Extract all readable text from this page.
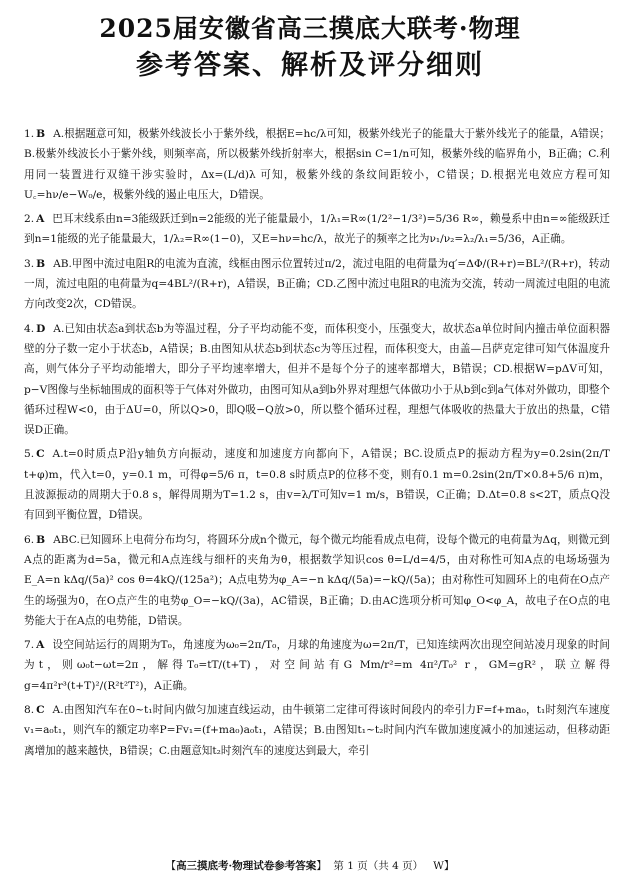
2025届安徽省高三摸底大联考·物理
参考答案、解析及评分细则

1. B A.根据题意可知，极紫外线波长小于紫外线，根据E=hc/λ可知，极紫外线光子的能量大于紫外线光子的能量，A错误；B.极紫外线波长小于紫外线，则频率高，所以极紫外线折射率大，根据sin C=1/n可知，极紫外线的临界角小，B正确；C.利用同一装置进行双缝干涉实验时，Δx=(L/d)λ 可知，极紫外线的条纹间距较小，C错误；D.根据光电效应方程可知U꜀=hν/e−W₀/e，极紫外线的遏止电压大，D错误。

2. A 巴耳末线系由n=3能级跃迁到n=2能级的光子能量最小，1/λ₁=R∞(1/2²−1/3²)=5/36 R∞，赖曼系中由n=∞能级跃迁到n=1能级的光子能量最大，1/λ₂=R∞(1−0)，又E=hν=hc/λ，故光子的频率之比为ν₁/ν₂=λ₂/λ₁=5/36，A正确。

3. B AB.甲图中流过电阻R的电流为直流，线框由图示位置转过π/2，流过电阻的电荷量为q′=ΔΦ/(R+r)=BL²/(R+r)，转动一周，流过电阻的电荷量为q=4BL²/(R+r)，A错误，B正确；CD.乙图中流过电阻R的电流为交流，转动一周流过电阻的电流方向改变2次，CD错误。

4. D A.已知由状态a到状态b为等温过程，分子平均动能不变，而体积变小，压强变大，故状态a单位时间内撞击单位面积器壁的分子数一定小于状态b，A错误；B.由图知从状态b到状态c为等压过程，而体积变大，由盖—吕萨克定律可知气体温度升高，则气体分子平均动能增大，即分子平均速率增大，但并不是每个分子的速率都增大，B错误；CD.根据W=pΔV可知，p−V图像与坐标轴围成的面积等于气体对外做功，由图可知从a到b外界对理想气体做功小于从b到c到a气体对外做功，即整个循环过程W<0，由于ΔU=0，所以Q>0，即Q吸−Q放>0，所以整个循环过程，理想气体吸收的热量大于放出的热量，C错误D正确。

5. C A.t=0时质点P沿y轴负方向振动，速度和加速度方向都向下，A错误；BC.设质点P的振动方程为y=0.2sin(2π/T t+φ)m，代入t=0，y=0.1 m，可得φ=5/6 π，t=0.8 s时质点P的位移不变，则有0.1 m=0.2sin(2π/T×0.8+5/6 π)m，且波源振动的周期大于0.8 s，解得周期为T=1.2 s，由v=λ/T可知v=1 m/s，B错误，C正确；D.Δt=0.8 s<2T，质点Q没有回到平衡位置，D错误。

6. B ABC.已知圆环上电荷分布均匀，将圆环分成n个微元，每个微元均能看成点电荷，设每个微元的电荷量为Δq，则微元到A点的距离为d=5a，微元和A点连线与细杆的夹角为θ，根据数学知识cos θ=L/d=4/5，由对称性可知A点的电场场强为E_A=n kΔq/(5a)² cos θ=4kQ/(125a²)；A点电势为φ_A=−n kΔq/(5a)=−kQ/(5a)；由对称性可知圆环上的电荷在O点产生的场强为0，在O点产生的电势φ_O=−kQ/(3a)，AC错误，B正确；D.由AC选项分析可知φ_O<φ_A，故电子在O点的电势能大于在A点的电势能，D错误。

7. A 设空间站运行的周期为T₀，角速度为ω₀=2π/T₀，月球的角速度为ω=2π/T，已知连续两次出现空间站凌月现象的时间为t，则ω₀t−ωt=2π，解得T₀=tT/(t+T)，对空间站有G Mm/r²=m 4π²/T₀² r，GM=gR²，联立解得g=4π²r³(t+T)²/(R²t²T²)，A正确。

8. C A.由图知汽车在0~t₁时间内做匀加速直线运动，由牛顿第二定律可得该时间段内的牵引力F=f+ma₀，t₁时刻汽车速度v₁=a₀t₁，则汽车的额定功率P=Fv₁=(f+ma₀)a₀t₁，A错误；B.由图知t₁~t₂时间内汽车做加速度减小的加速运动，但移动距离增加的越来越快，B错误；C.由题意知t₂时刻汽车的速度达到最大，牵引

【高三摸底考·物理试卷参考答案】 第 1 页（共 4 页） W】
